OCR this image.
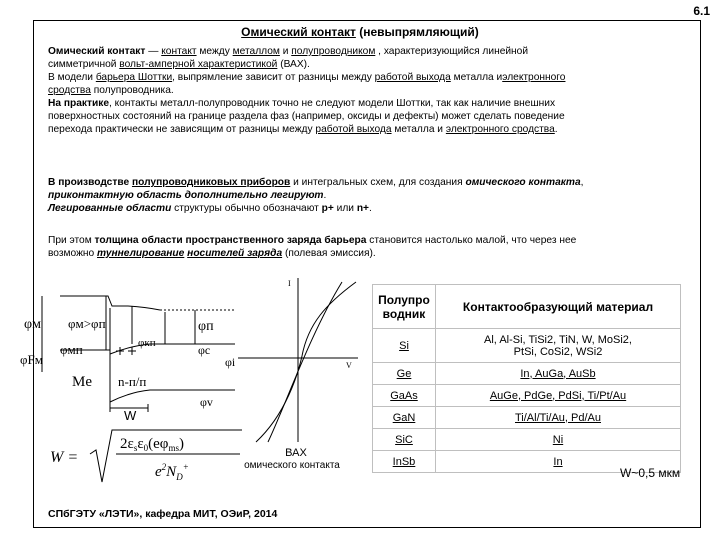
6.1
Омический контакт (невыпрямляющий)

Омический контакт — контакт между металлом и полупроводником , характеризующийся линейной

симметричной вольт-амперной характеристикой (ВАХ).

В модели барьера Шоттки, выпрямление зависит от разницы между работой выхода металла иэлектронного

сродства полупроводника.

На практике, контакты металл-полупроводник точно не следуют модели Шоттки, так как наличие внешних

поверхностных состояний на границе раздела фаз (например, оксиды и дефекты) может сделать поведение

перехода практически не зависящим от разницы между работой выхода металла и электронного сродства.

В производстве полупроводниковых приборов и интегральных схем, для создания омического контакта,

приконтактную область дополнительно легируют.

Легированные области структуры обычно обозначают p+ или n+.

При этом толщина области пространственного заряда барьера становится настолько малой, что через нее

возможно туннелирование носителей заряда (полевая эмиссия).

φм φм>φп	φп
φкп
φмп	φc
φi
φFм
Me n-п/п
φv
W
W =
$2\varepsilon_s\varepsilon_0(e\varphi_{ms})$
$e^2N_D^+$
I
V
ВАХ
омического контакта
Полупро
водник	Контактообразующий материал
Si	Al, Al-Si, TiSi2, TiN, W, MoSi2,
PtSi, CoSi2, WSi2
Ge	In, AuGa, AuSb
GaAs	AuGe, PdGe, PdSi, Ti/Pt/Au
GaN	Ti/Al/Ti/Au, Pd/Au
SiC	Ni
InSb	In
W~0,5 мкм
СПбГЭТУ «ЛЭТИ», кафедра МИТ, ОЭиР, 2014
